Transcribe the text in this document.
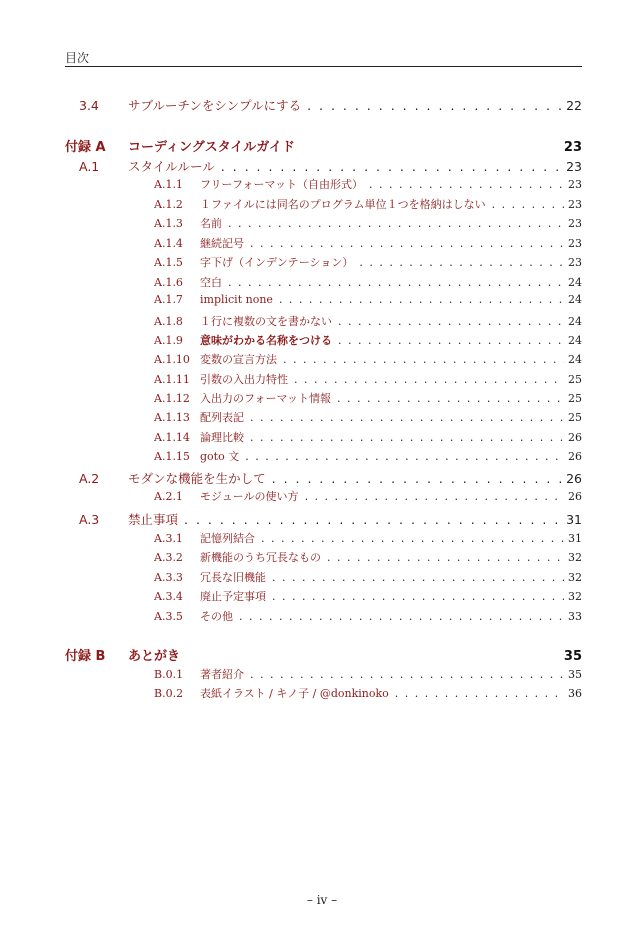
目次
3.4	サブルーチンをシンプルにする . . .	22
付録 A	コーディングスタイルガイド	23
A.1	スタイルルール . . .	23
A.1.1	フリーフォーマット（自由形式） . . .	23
A.1.2	１ファイルには同名のプログラム単位１つを格納はしない . . .	23
A.1.3	名前 . . .	23
A.1.4	継続記号 . . .	23
A.1.5	字下げ（インデンテーション） . . .	23
A.1.6	空白 . . .	24
A.1.7	implicit none . . .	24
A.1.8	１行に複数の文を書かない . . .	24
A.1.9	意味がわかる名称をつける . . .	24
A.1.10 変数の宣言方法 . . .	24
A.1.11 引数の入出力特性 . . .	25
A.1.12 入出力のフォーマット情報 . . .	25
A.1.13 配列表記 . . .	25
A.1.14 論理比較 . . .	26
A.1.15 goto 文 . . .	26
A.2	モダンな機能を生かして . . .	26
A.2.1	モジュールの使い方 . . .	26
A.3	禁止事項 . . .	31
A.3.1	記憶列結合 . . .	31
A.3.2	新機能のうち冗長なもの . . .	32
A.3.3	冗長な旧機能 . . .	32
A.3.4	廃止予定事項 . . .	32
A.3.5	その他 . . .	33
付録 B	あとがき	35
B.0.1	著者紹介 . . .	35
B.0.2	表紙イラスト / キノ子 / @donkinoko . . .	36
– iv –
